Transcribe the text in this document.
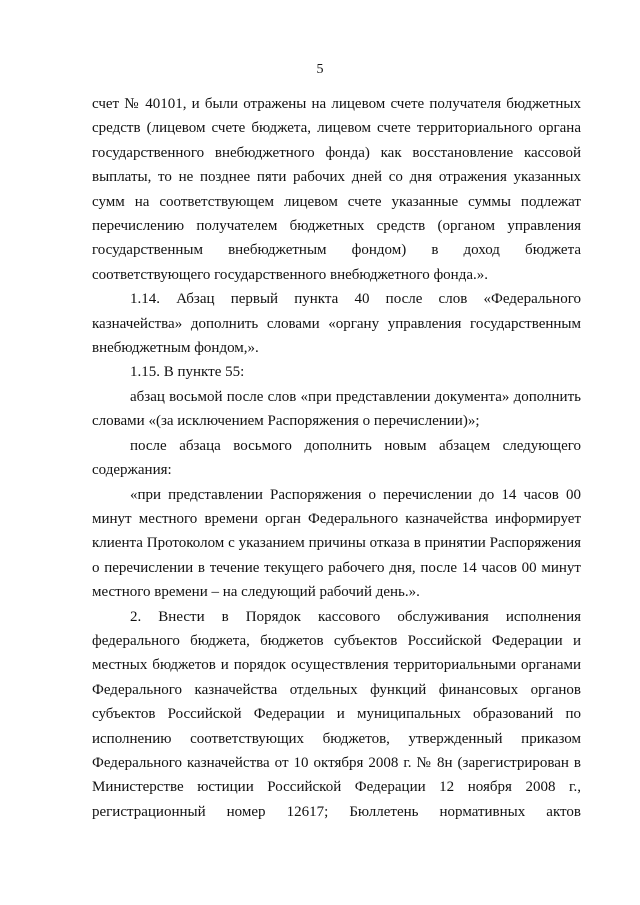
5

счет № 40101, и были отражены на лицевом счете получателя бюджетных средств (лицевом счете бюджета, лицевом счете территориального органа государственного внебюджетного фонда) как восстановление кассовой выплаты, то не позднее пяти рабочих дней со дня отражения указанных сумм на соответствующем лицевом счете указанные суммы подлежат перечислению получателем бюджетных средств (органом управления государственным внебюджетным фондом) в доход бюджета соответствующего государственного внебюджетного фонда.».

1.14. Абзац первый пункта 40 после слов «Федерального казначейства» дополнить словами «органу управления государственным внебюджетным фондом,».

1.15. В пункте 55:

абзац восьмой после слов «при представлении документа» дополнить словами «(за исключением Распоряжения о перечислении)»;

после абзаца восьмого дополнить новым абзацем следующего содержания:

«при представлении Распоряжения о перечислении до 14 часов 00 минут местного времени орган Федерального казначейства информирует клиента Протоколом с указанием причины отказа в принятии Распоряжения о перечислении в течение текущего рабочего дня, после 14 часов 00 минут местного времени – на следующий рабочий день.».

2. Внести в Порядок кассового обслуживания исполнения федерального бюджета, бюджетов субъектов Российской Федерации и местных бюджетов и порядок осуществления территориальными органами Федерального казначейства отдельных функций финансовых органов субъектов Российской Федерации и муниципальных образований по исполнению соответствующих бюджетов, утвержденный приказом Федерального казначейства от 10 октября 2008 г. № 8н (зарегистрирован в Министерстве юстиции Российской Федерации 12 ноября 2008 г., регистрационный номер 12617; Бюллетень нормативных актов
